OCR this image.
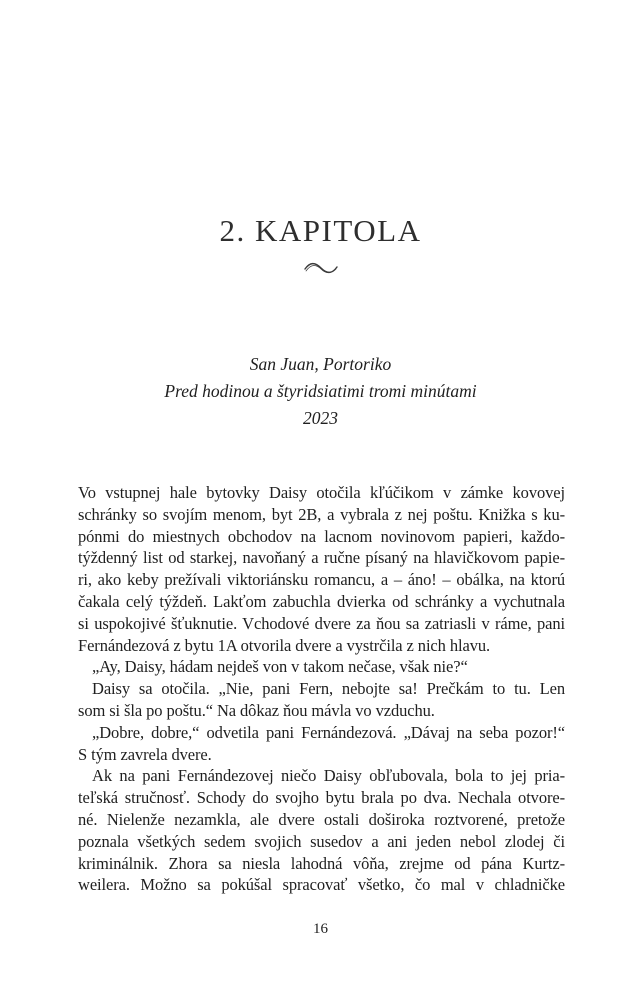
2. KAPITOLA
San Juan, Portoriko
Pred hodinou a štyridsiatimi tromi minútami
2023

Vo vstupnej hale bytovky Daisy otočila kľúčikom v zámke kovovej
schránky so svojím menom, byt 2B, a vybrala z nej poštu. Knižka s ku-
pónmi do miestnych obchodov na lacnom novinovom papieri, každo-
týždenný list od starkej, navoňaný a ručne písaný na hlavičkovom papie-
ri, ako keby prežívali viktoriánsku romancu, a – áno! – obálka, na ktorú
čakala celý týždeň. Lakťom zabuchla dvierka od schránky a vychutnala
si uspokojivé šťuknutie. Vchodové dvere za ňou sa zatriasli v ráme, pani
Fernándezová z bytu 1A otvorila dvere a vystrčila z nich hlavu.

„Ay, Daisy, hádam nejdeš von v takom nečase, však nie?“

Daisy sa otočila. „Nie, pani Fern, nebojte sa! Prečkám to tu. Len
som si šla po poštu.“ Na dôkaz ňou mávla vo vzduchu.

„Dobre, dobre,“ odvetila pani Fernándezová. „Dávaj na seba pozor!“
S tým zavrela dvere.

Ak na pani Fernándezovej niečo Daisy obľubovala, bola to jej pria-
teľská stručnosť. Schody do svojho bytu brala po dva. Nechala otvore-
né. Nielenže nezamkla, ale dvere ostali doširoka roztvorené, pretože
poznala všetkých sedem svojich susedov a ani jeden nebol zlodej či
kriminálnik. Zhora sa niesla lahodná vôňa, zrejme od pána Kurtz-
weilera. Možno sa pokúšal spracovať všetko, čo mal v chladničke

16
